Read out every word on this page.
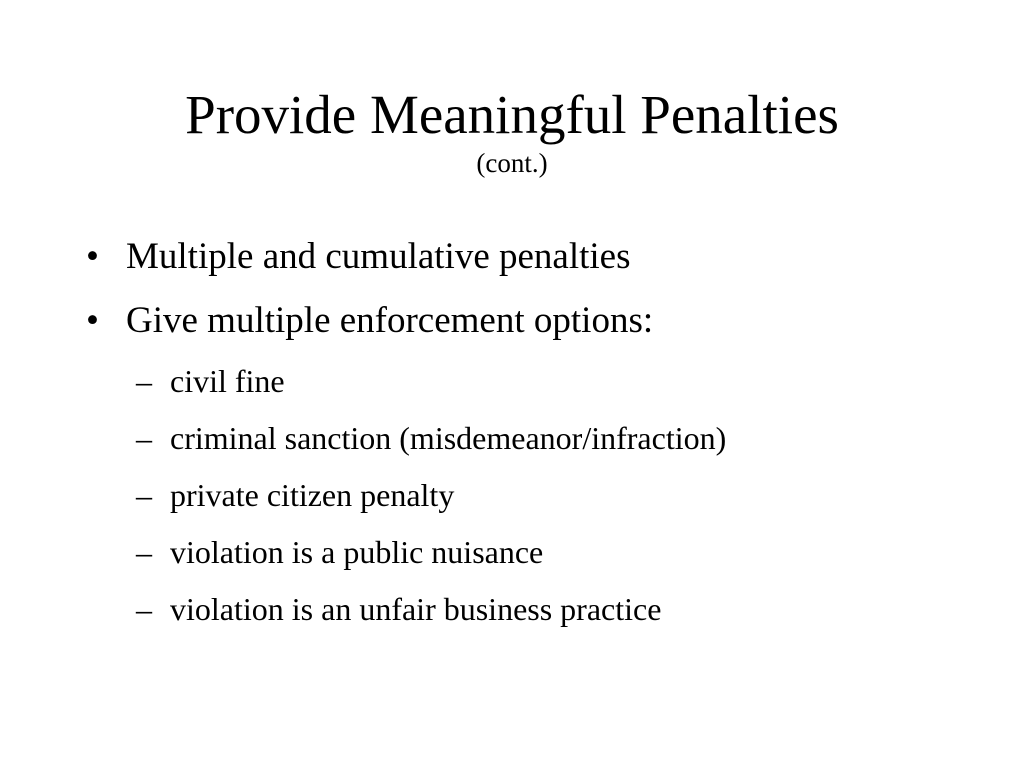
Provide Meaningful Penalties
(cont.)
• Multiple and cumulative penalties
• Give multiple enforcement options:
– civil fine
– criminal sanction (misdemeanor/infraction)
– private citizen penalty
– violation is a public nuisance
– violation is an unfair business practice
